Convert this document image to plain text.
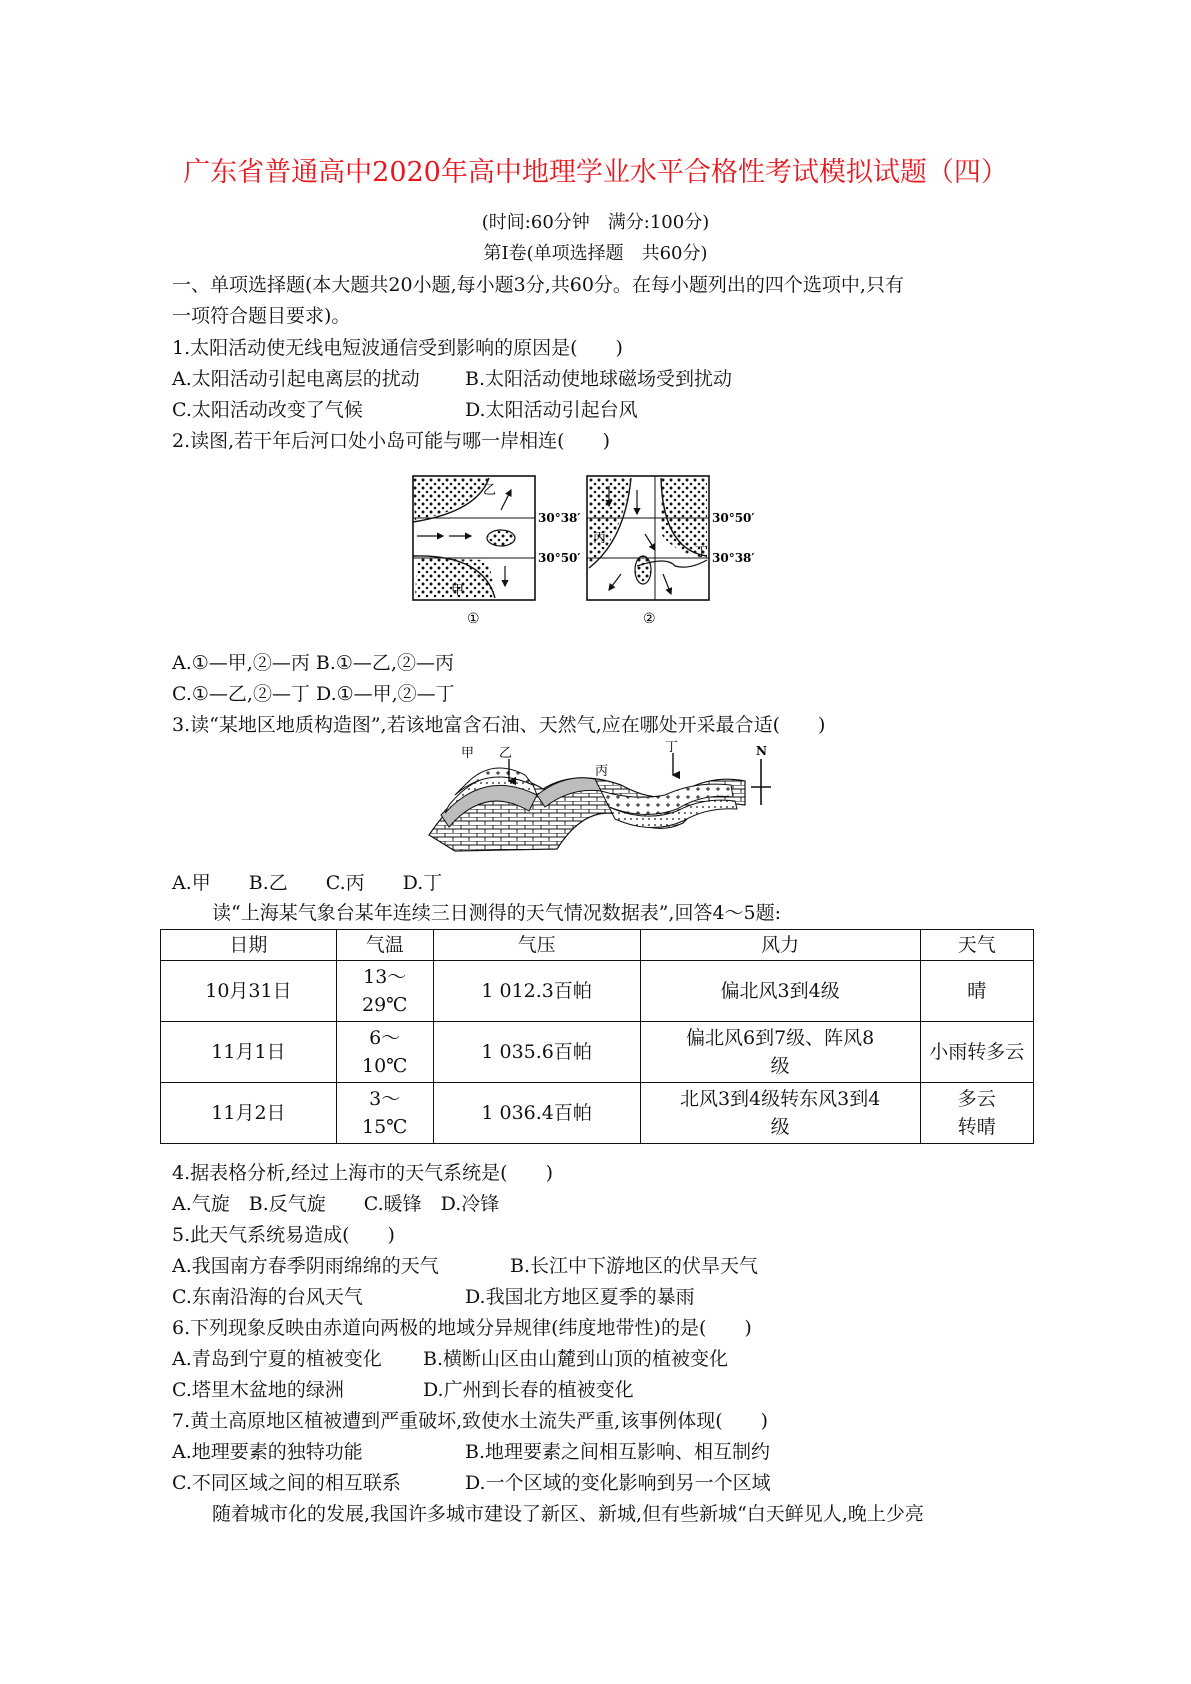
广东省普通高中2020年高中地理学业水平合格性考试模拟试题（四）
(时间:60分钟　满分:100分)
第Ⅰ卷(单项选择题　共60分)
一、单项选择题(本大题共20小题,每小题3分,共60分。在每小题列出的四个选项中,只有
一项符合题目要求)。
1.太阳活动使无线电短波通信受到影响的原因是(　　)
A.太阳活动引起电离层的扰动 B.太阳活动使地球磁场受到扰动
C.太阳活动改变了气候	D.太阳活动引起台风
2.读图,若干年后河口处小岛可能与哪一岸相连(　　)
乙
甲
30°38′
30°50′
①
丙
丁
30°50′
30°38′
②
A.①—甲,②—丙 B.①—乙,②—丙
C.①—乙,②—丁 D.①—甲,②—丁
3.读“某地区地质构造图”,若该地富含石油、天然气,应在哪处开采最合适(　　)
甲 乙
丙
丁	N
A.甲　　B.乙　　C.丙　　D.丁
读“上海某气象台某年连续三日测得的天气情况数据表”,回答4～5题:
日期	气温	气压	风力	天气
10月31日	13～
29℃	1 012.3百帕	偏北风3到4级	晴
11月1日	6～
10℃	1 035.6百帕	偏北风6到7级、阵风8
级	小雨转多云
11月2日	3～
15℃	1 036.4百帕	北风3到4级转东风3到4
级	多云
转晴
4.据表格分析,经过上海市的天气系统是(　　)
A.气旋　B.反气旋　　C.暖锋　D.冷锋
5.此天气系统易造成(　　)
A.我国南方春季阴雨绵绵的天气	B.长江中下游地区的伏旱天气
C.东南沿海的台风天气	D.我国北方地区夏季的暴雨
6.下列现象反映由赤道向两极的地域分异规律(纬度地带性)的是(　　)
A.青岛到宁夏的植被变化 B.横断山区由山麓到山顶的植被变化
C.塔里木盆地的绿洲	D.广州到长春的植被变化
7.黄土高原地区植被遭到严重破坏,致使水土流失严重,该事例体现(　　)
A.地理要素的独特功能	B.地理要素之间相互影响、相互制约
C.不同区域之间的相互联系	D.一个区域的变化影响到另一个区域
随着城市化的发展,我国许多城市建设了新区、新城,但有些新城“白天鲜见人,晚上少亮
